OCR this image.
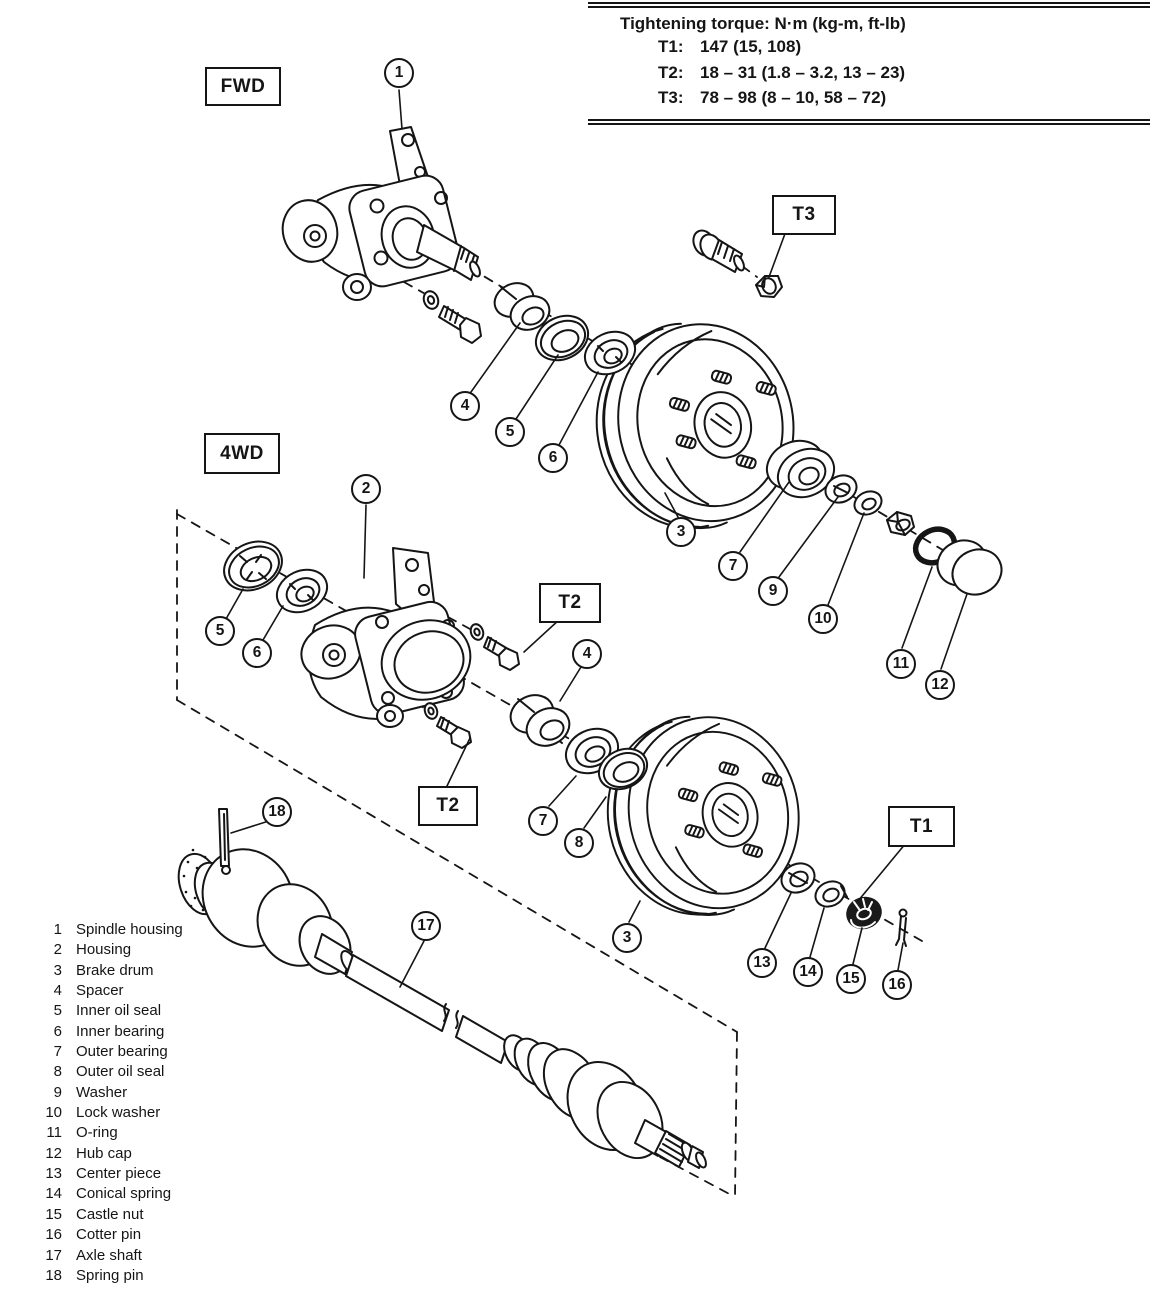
1
4
5
6
3
7
9
10
11
12
2
5
6	4
7
8
3
13
14	15	16
17
18
FWD
4WD
T3
T2
T2
T1
Tightening torque: N·m (kg-m, ft-lb)
T1: 147 (15, 108)
T2: 18 – 31 (1.8 – 3.2, 13 – 23)
T3: 78 – 98 (8 – 10, 58 – 72)
1 Spindle housing
2 Housing
3 Brake drum
4 Spacer
5 Inner oil seal
6 Inner bearing
7 Outer bearing
8 Outer oil seal
9 Washer
10 Lock washer
11 O-ring
12 Hub cap
13 Center piece
14 Conical spring
15 Castle nut
16 Cotter pin
17 Axle shaft
18 Spring pin
